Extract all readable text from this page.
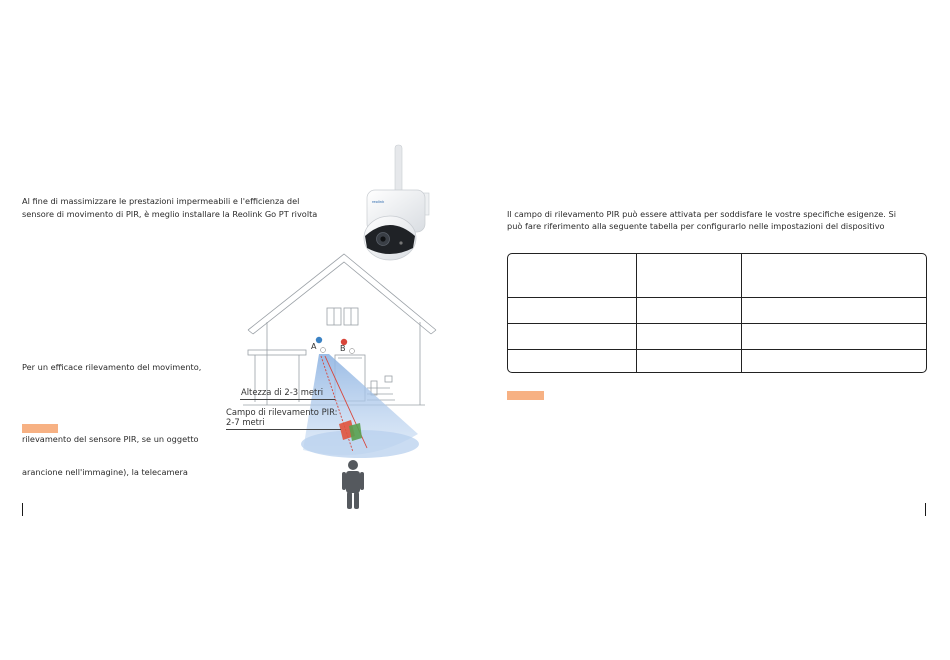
Al fine di massimizzare le prestazioni impermeabili e l'efficienza del
sensore di movimento di PIR, è meglio installare la Reolink Go PT rivolta
Per un efficace rilevamento del movimento,
rilevamento del sensore PIR, se un oggetto
arancione nell'immagine), la telecamera
reolink
A	B
Altezza di 2-3 metri
Campo di rilevamento PIR:
2-7 metri
Il campo di rilevamento PIR può essere attivata per soddisfare le vostre specifiche esigenze. Si
può fare riferimento alla seguente tabella per configurarlo nelle impostazioni del dispositivo
